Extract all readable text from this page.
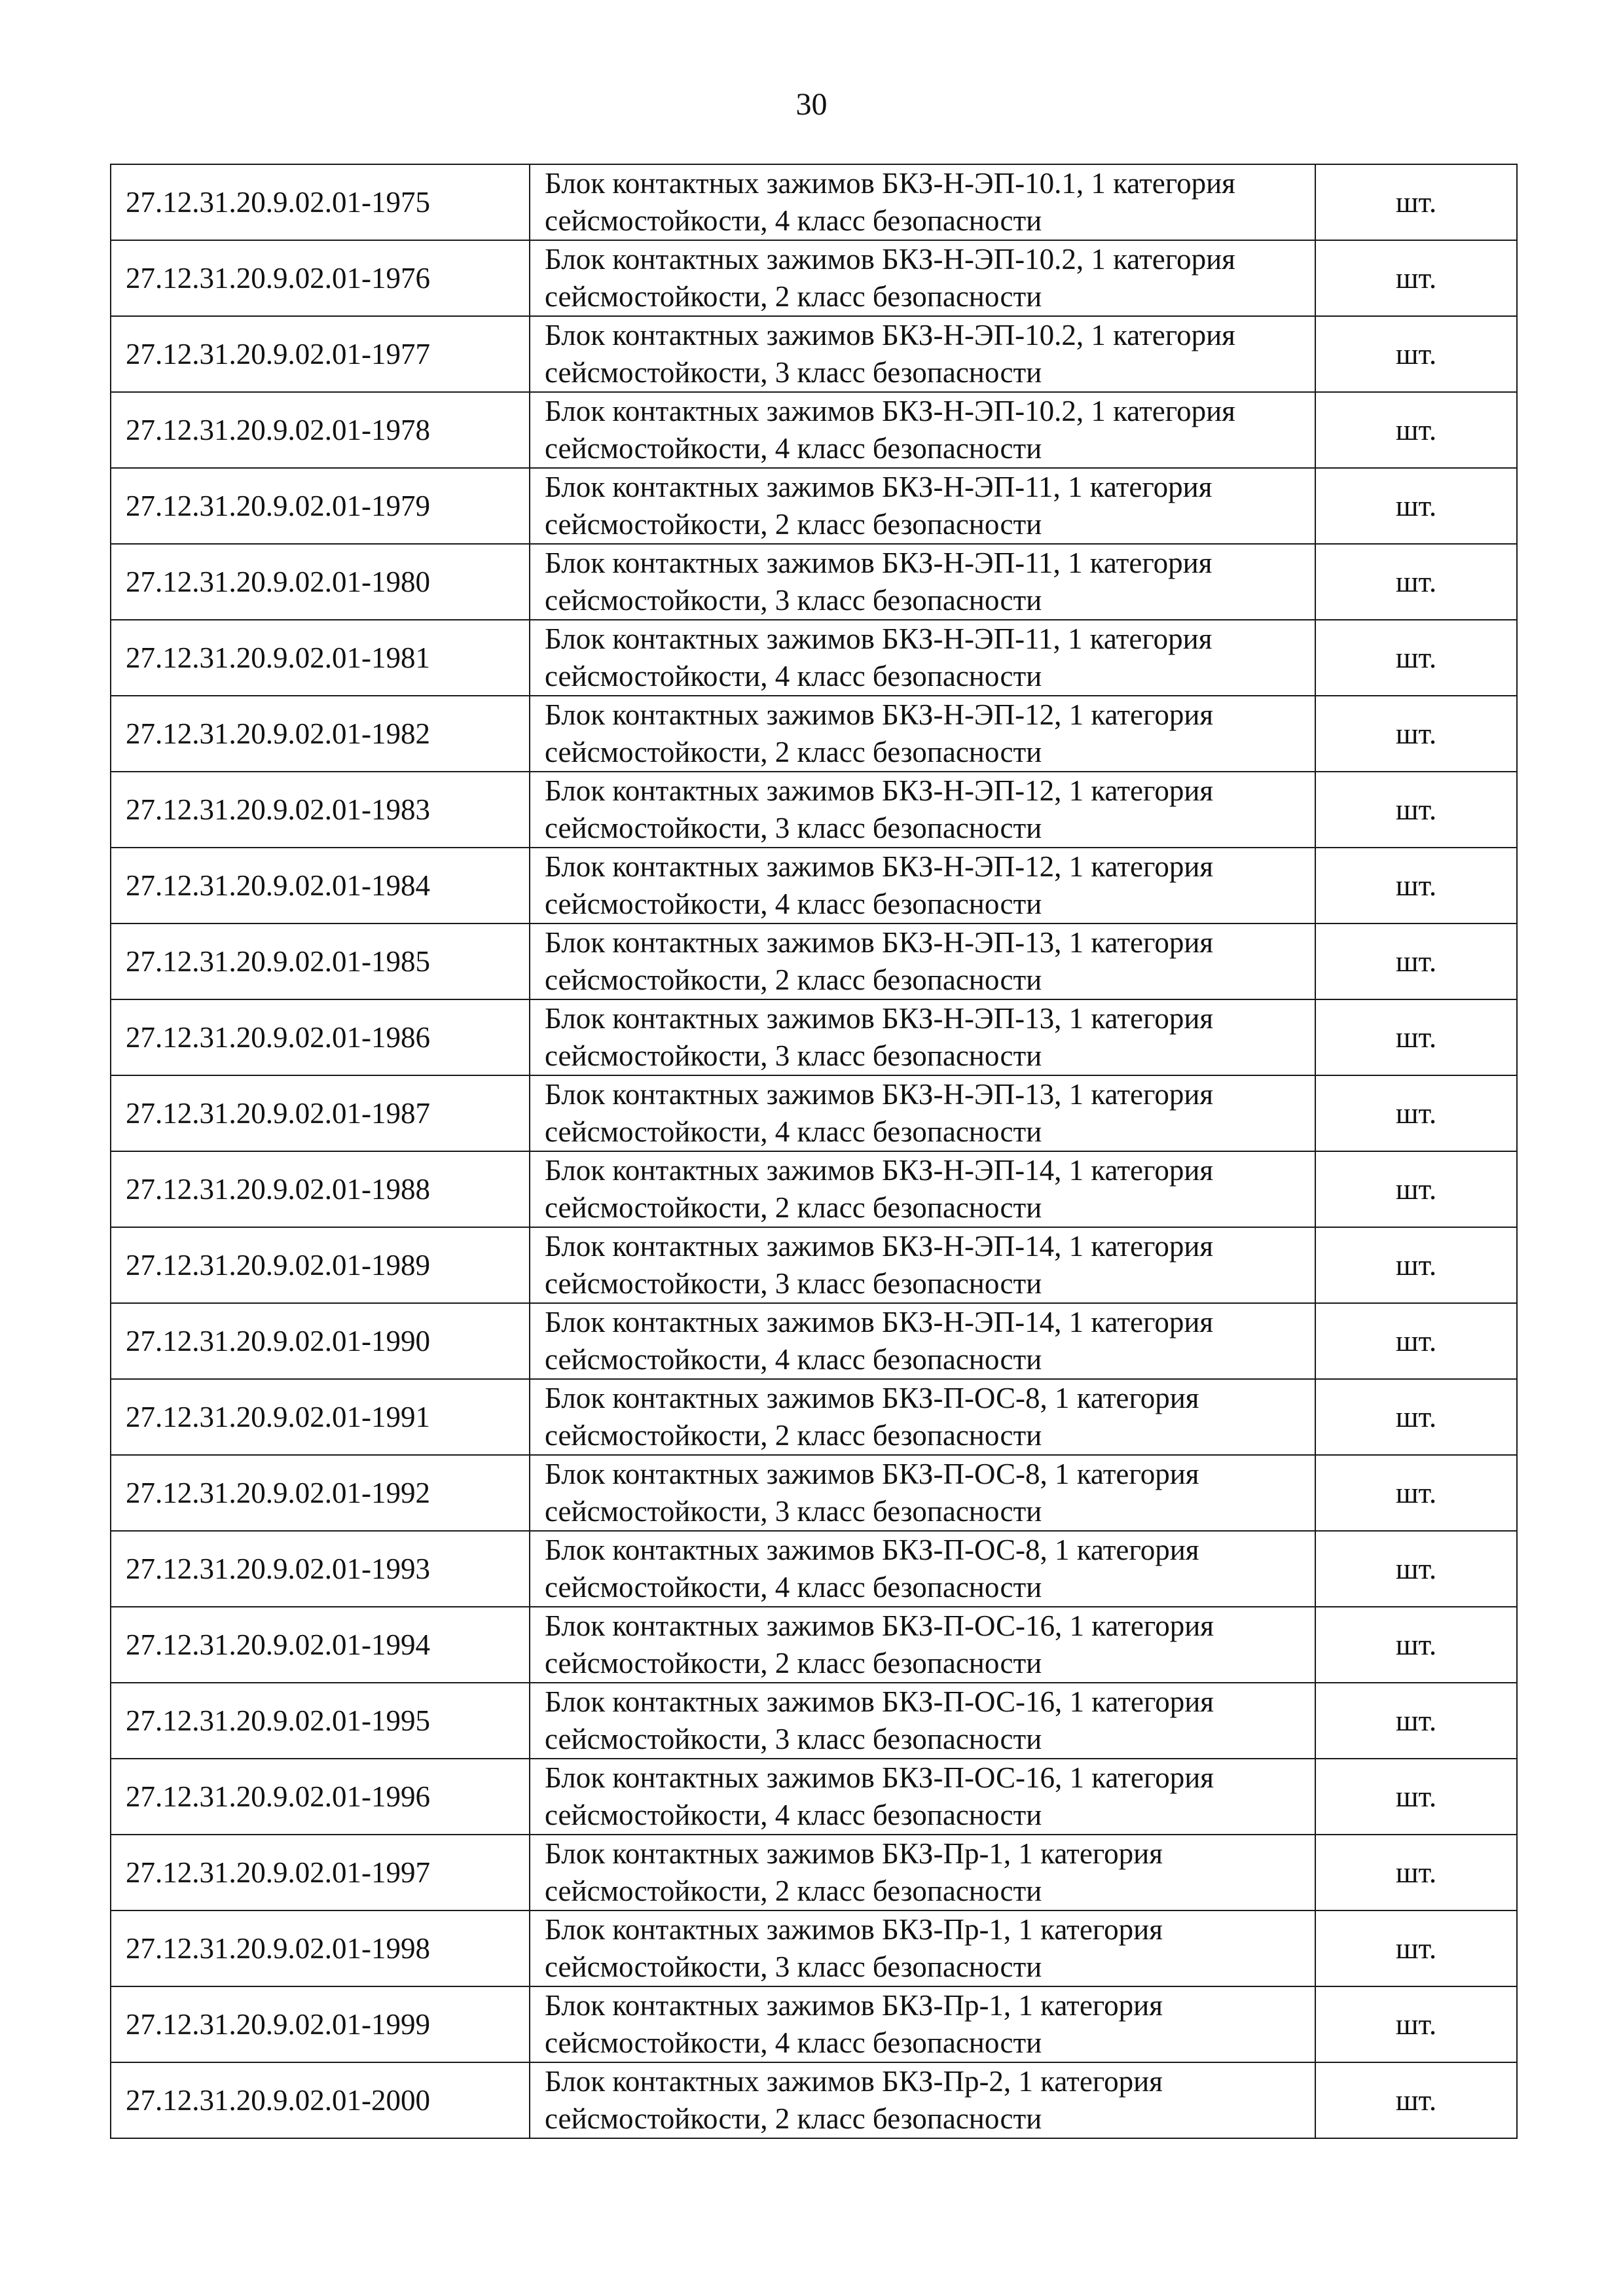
30
27.12.31.20.9.02.01-1975	Блок контактных зажимов БКЗ-Н-ЭП-10.1, 1 категория сейсмостойкости, 4 класс безопасности	шт.
27.12.31.20.9.02.01-1976	Блок контактных зажимов БКЗ-Н-ЭП-10.2, 1 категория сейсмостойкости, 2 класс безопасности	шт.
27.12.31.20.9.02.01-1977	Блок контактных зажимов БКЗ-Н-ЭП-10.2, 1 категория сейсмостойкости, 3 класс безопасности	шт.
27.12.31.20.9.02.01-1978	Блок контактных зажимов БКЗ-Н-ЭП-10.2, 1 категория сейсмостойкости, 4 класс безопасности	шт.
27.12.31.20.9.02.01-1979	Блок контактных зажимов БКЗ-Н-ЭП-11, 1 категория сейсмостойкости, 2 класс безопасности	шт.
27.12.31.20.9.02.01-1980	Блок контактных зажимов БКЗ-Н-ЭП-11, 1 категория сейсмостойкости, 3 класс безопасности	шт.
27.12.31.20.9.02.01-1981	Блок контактных зажимов БКЗ-Н-ЭП-11, 1 категория сейсмостойкости, 4 класс безопасности	шт.
27.12.31.20.9.02.01-1982	Блок контактных зажимов БКЗ-Н-ЭП-12, 1 категория сейсмостойкости, 2 класс безопасности	шт.
27.12.31.20.9.02.01-1983	Блок контактных зажимов БКЗ-Н-ЭП-12, 1 категория сейсмостойкости, 3 класс безопасности	шт.
27.12.31.20.9.02.01-1984	Блок контактных зажимов БКЗ-Н-ЭП-12, 1 категория сейсмостойкости, 4 класс безопасности	шт.
27.12.31.20.9.02.01-1985	Блок контактных зажимов БКЗ-Н-ЭП-13, 1 категория сейсмостойкости, 2 класс безопасности	шт.
27.12.31.20.9.02.01-1986	Блок контактных зажимов БКЗ-Н-ЭП-13, 1 категория сейсмостойкости, 3 класс безопасности	шт.
27.12.31.20.9.02.01-1987	Блок контактных зажимов БКЗ-Н-ЭП-13, 1 категория сейсмостойкости, 4 класс безопасности	шт.
27.12.31.20.9.02.01-1988	Блок контактных зажимов БКЗ-Н-ЭП-14, 1 категория сейсмостойкости, 2 класс безопасности	шт.
27.12.31.20.9.02.01-1989	Блок контактных зажимов БКЗ-Н-ЭП-14, 1 категория сейсмостойкости, 3 класс безопасности	шт.
27.12.31.20.9.02.01-1990	Блок контактных зажимов БКЗ-Н-ЭП-14, 1 категория сейсмостойкости, 4 класс безопасности	шт.
27.12.31.20.9.02.01-1991	Блок контактных зажимов БКЗ-П-ОС-8, 1 категория сейсмостойкости, 2 класс безопасности	шт.
27.12.31.20.9.02.01-1992	Блок контактных зажимов БКЗ-П-ОС-8, 1 категория сейсмостойкости, 3 класс безопасности	шт.
27.12.31.20.9.02.01-1993	Блок контактных зажимов БКЗ-П-ОС-8, 1 категория сейсмостойкости, 4 класс безопасности	шт.
27.12.31.20.9.02.01-1994	Блок контактных зажимов БКЗ-П-ОС-16, 1 категория сейсмостойкости, 2 класс безопасности	шт.
27.12.31.20.9.02.01-1995	Блок контактных зажимов БКЗ-П-ОС-16, 1 категория сейсмостойкости, 3 класс безопасности	шт.
27.12.31.20.9.02.01-1996	Блок контактных зажимов БКЗ-П-ОС-16, 1 категория сейсмостойкости, 4 класс безопасности	шт.
27.12.31.20.9.02.01-1997	Блок контактных зажимов БКЗ-Пр-1, 1 категория сейсмостойкости, 2 класс безопасности	шт.
27.12.31.20.9.02.01-1998	Блок контактных зажимов БКЗ-Пр-1, 1 категория сейсмостойкости, 3 класс безопасности	шт.
27.12.31.20.9.02.01-1999	Блок контактных зажимов БКЗ-Пр-1, 1 категория сейсмостойкости, 4 класс безопасности	шт.
27.12.31.20.9.02.01-2000	Блок контактных зажимов БКЗ-Пр-2, 1 категория сейсмостойкости, 2 класс безопасности	шт.
